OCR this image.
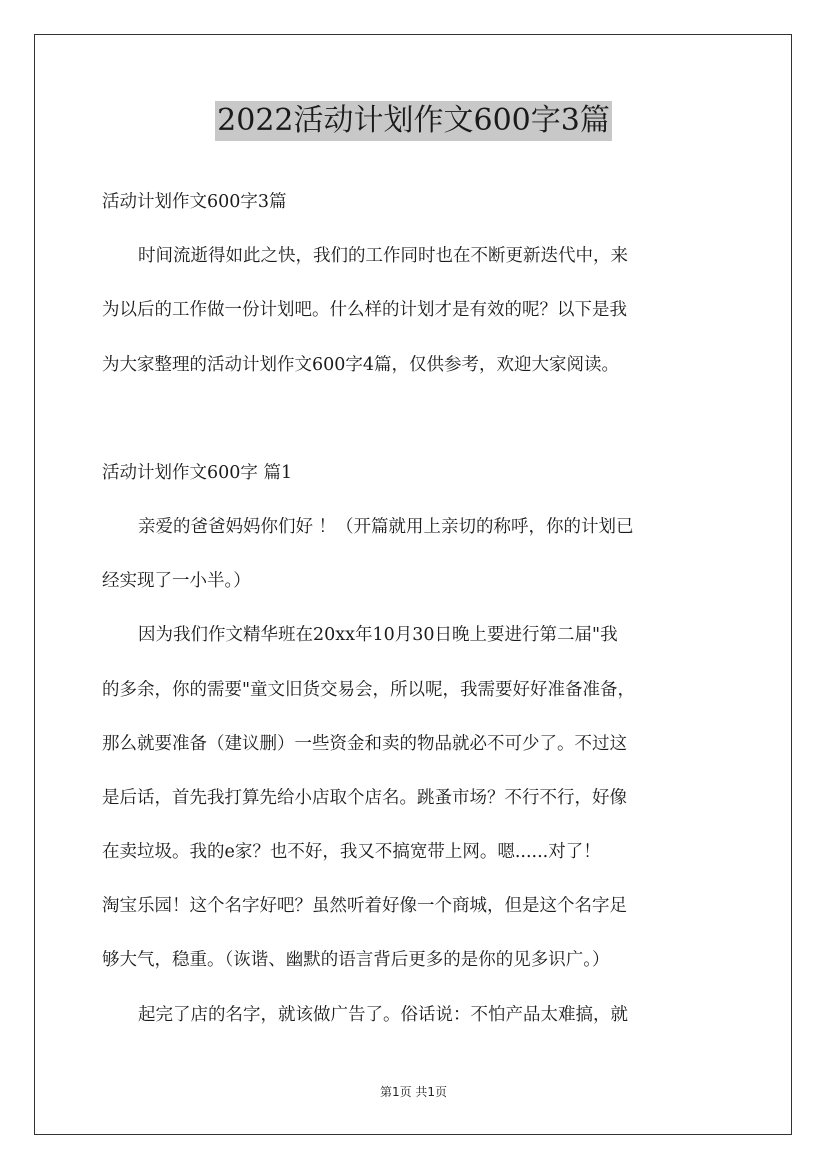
2022活动计划作文600字3篇
活动计划作文600字3篇
时间流逝得如此之快，我们的工作同时也在不断更新迭代中，来
为以后的工作做一份计划吧。什么样的计划才是有效的呢？以下是我
为大家整理的活动计划作文600字4篇，仅供参考，欢迎大家阅读。
活动计划作文600字 篇1
亲爱的爸爸妈妈你们好 ！（开篇就用上亲切的称呼，你的计划已
经实现了一小半。）
因为我们作文精华班在20xx年10月30日晚上要进行第二届"我
的多余，你的需要"童文旧货交易会，所以呢，我需要好好准备准备，
那么就要准备（建议删）一些资金和卖的物品就必不可少了。不过这
是后话，首先我打算先给小店取个店名。跳蚤市场？不行不行，好像
在卖垃圾。我的e家？也不好，我又不搞宽带上网。嗯......对了！
淘宝乐园！这个名字好吧？虽然听着好像一个商城，但是这个名字足
够大气，稳重。（诙谐、幽默的语言背后更多的是你的见多识广。）
起完了店的名字，就该做广告了。俗话说：不怕产品太难搞，就
第1页 共1页
